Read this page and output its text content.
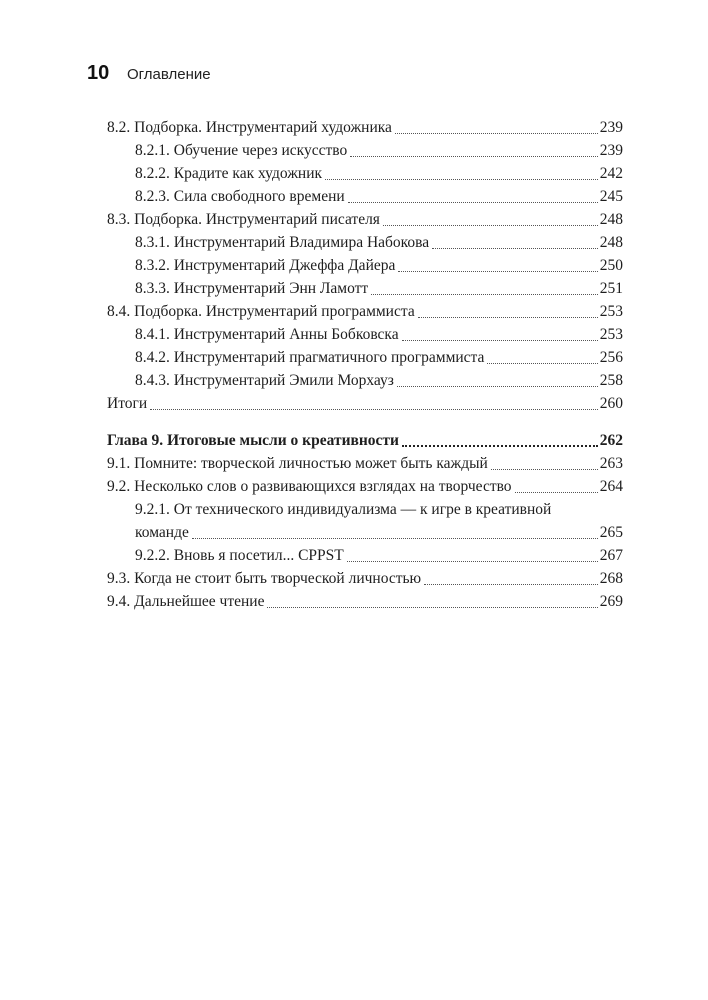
10	Оглавление
8.2. Подборка. Инструментарий художника	239
8.2.1. Обучение через искусство	239
8.2.2. Крадите как художник	242
8.2.3. Сила свободного времени	245
8.3. Подборка. Инструментарий писателя	248
8.3.1. Инструментарий Владимира Набокова	248
8.3.2. Инструментарий Джеффа Дайера	250
8.3.3. Инструментарий Энн Ламотт	251
8.4. Подборка. Инструментарий программиста	253
8.4.1. Инструментарий Анны Бобковска	253
8.4.2. Инструментарий прагматичного программиста	256
8.4.3. Инструментарий Эмили Морхауз	258
Итоги	260
Глава 9. Итоговые мысли о креативности	262
9.1. Помните: творческой личностью может быть каждый	263
9.2. Несколько слов о развивающихся взглядах на творчество	264
9.2.1. От технического индивидуализма — к игре в креативной
команде	265
9.2.2. Вновь я посетил... CPPST	267
9.3. Когда не стоит быть творческой личностью	268
9.4. Дальнейшее чтение	269
